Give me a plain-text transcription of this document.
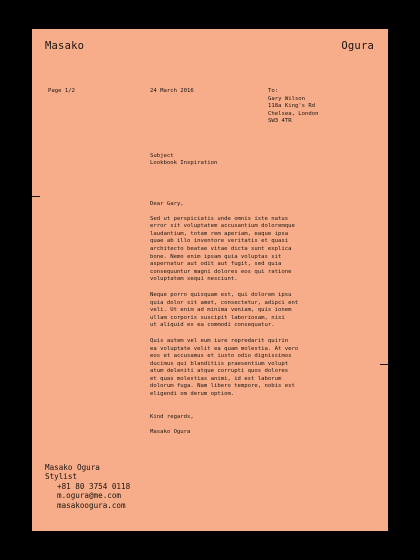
Masako	Ogura
Page 1/2	24 March 2016	To:
Gary Wilson
118a King's Rd
Chelsea, London
SW3 4TR
Subject
Lookbook Inspiration

Dear Gary,

Sed ut perspiciatis unde omnis iste natus
error sit voluptatem accusantium doloremque
laudantium, totam rem aperiam, eaque ipsa
quae ab illo inventore veritatis et quasi
architecto beatae vitae dicta sunt explica
bone. Nemo enim ipsam quia voluptas sit
aspernatur aut odit aut fugit, sed quia
consequuntur magni dolores eos qui ratione
voluptatem sequi nesciunt.

Neque porro quisquam est, qui dolorem ipsu
quia dolor sit amet, consectetur, adipci ent
veli. Ut enim ad minima veniam, quis ionem
ullam corporis suscipit laboriosam, nisi
ut aliquid ex ea commodi consequatur.

Quis autem vel eum iure repredarit quirin
ea voluptate velit ea quam molestia. At vero
eos et accusamus et iusto odio dignissimos
ducimus qui blanditiis praesentium volupt
atum deleniti atque corrupti quos dolores
et quas molestias animi, id est laborum
dolorum fuga. Nam libero tempore, nobis est
eligendi om derum optiom.

Kind regards,

Masako Ogura

Masako Ogura
Stylist
+81 80 3754 0118
m.ogura@me.com
masakoogura.com
